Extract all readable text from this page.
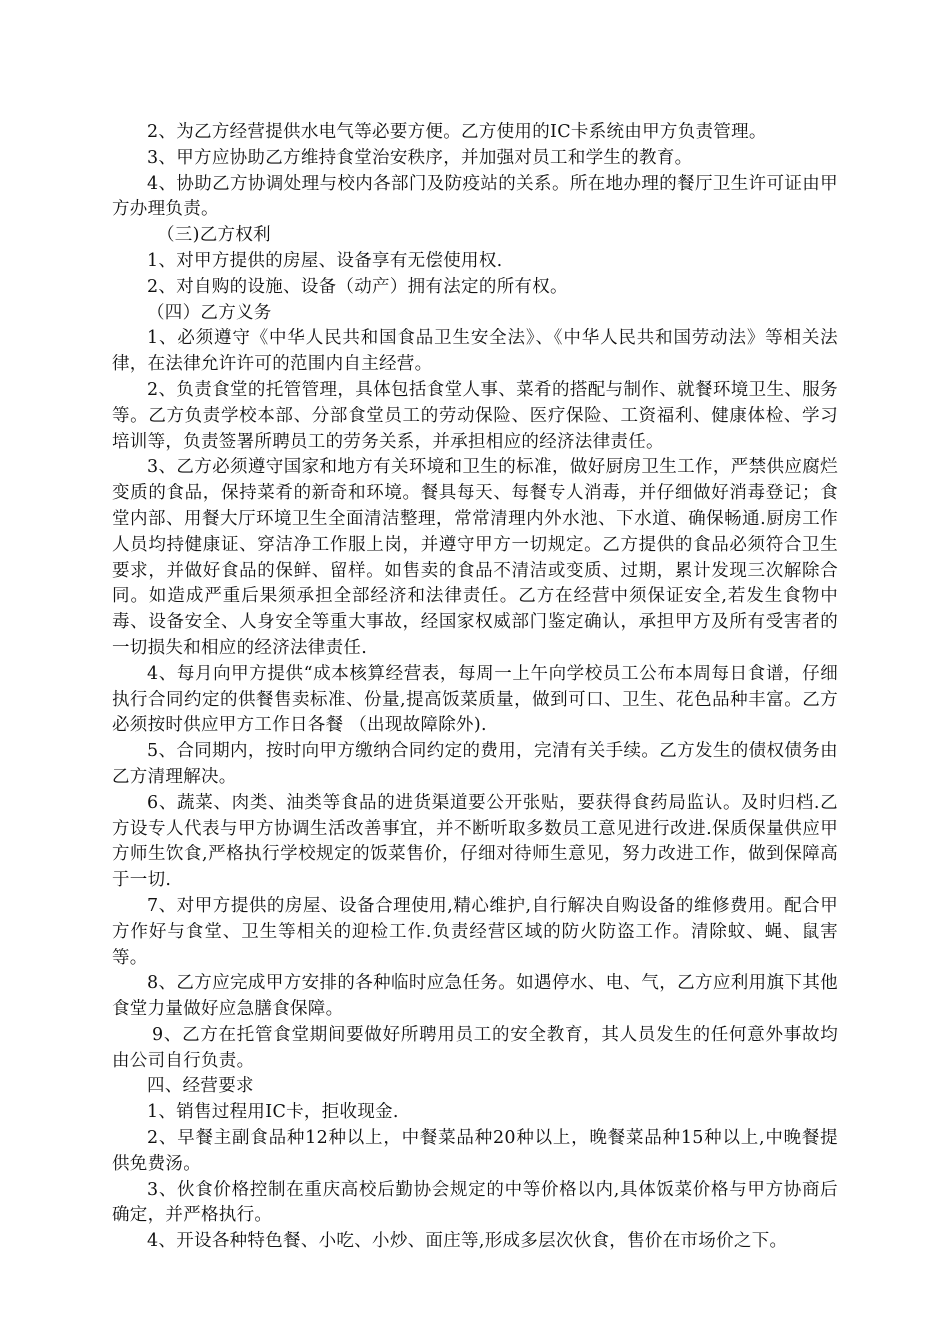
2、为乙方经营提供水电气等必要方便。乙方使用的IC卡系统由甲方负责管理。

3、甲方应协助乙方维持食堂治安秩序，并加强对员工和学生的教育。

4、协助乙方协调处理与校内各部门及防疫站的关系。所在地办理的餐厅卫生许可证由甲方办理负责。

（三)乙方权利

1、对甲方提供的房屋、设备享有无偿使用权.

2、对自购的设施、设备（动产）拥有法定的所有权。

（四）乙方义务

1、必须遵守《中华人民共和国食品卫生安全法》、《中华人民共和国劳动法》等相关法律，在法律允许许可的范围内自主经营。

2、负责食堂的托管管理，具体包括食堂人事、菜肴的搭配与制作、就餐环境卫生、服务等。乙方负责学校本部、分部食堂员工的劳动保险、医疗保险、工资福利、健康体检、学习培训等，负责签署所聘员工的劳务关系，并承担相应的经济法律责任。

3、乙方必须遵守国家和地方有关环境和卫生的标准，做好厨房卫生工作，严禁供应腐烂变质的食品，保持菜肴的新奇和环境。餐具每天、每餐专人消毒，并仔细做好消毒登记；食堂内部、用餐大厅环境卫生全面清洁整理，常常清理内外水池、下水道、确保畅通.厨房工作人员均持健康证、穿洁净工作服上岗，并遵守甲方一切规定。乙方提供的食品必须符合卫生要求，并做好食品的保鲜、留样。如售卖的食品不清洁或变质、过期，累计发现三次解除合同。如造成严重后果须承担全部经济和法律责任。乙方在经营中须保证安全,若发生食物中毒、设备安全、人身安全等重大事故，经国家权威部门鉴定确认，承担甲方及所有受害者的一切损失和相应的经济法律责任.

4、每月向甲方提供“成本核算经营表，每周一上午向学校员工公布本周每日食谱，仔细执行合同约定的供餐售卖标准、份量,提高饭菜质量，做到可口、卫生、花色品种丰富。乙方必须按时供应甲方工作日各餐 （出现故障除外).

5、合同期内，按时向甲方缴纳合同约定的费用，完清有关手续。乙方发生的债权债务由乙方清理解决。

6、蔬菜、肉类、油类等食品的进货渠道要公开张贴，要获得食药局监认。及时归档.乙方设专人代表与甲方协调生活改善事宜，并不断听取多数员工意见进行改进.保质保量供应甲方师生饮食,严格执行学校规定的饭菜售价，仔细对待师生意见，努力改进工作，做到保障高于一切.

7、对甲方提供的房屋、设备合理使用,精心维护,自行解决自购设备的维修费用。配合甲方作好与食堂、卫生等相关的迎检工作.负责经营区域的防火防盗工作。清除蚊、蝇、鼠害等。

8、乙方应完成甲方安排的各种临时应急任务。如遇停水、电、气，乙方应利用旗下其他食堂力量做好应急膳食保障。

9、乙方在托管食堂期间要做好所聘用员工的安全教育，其人员发生的任何意外事故均由公司自行负责。

四、经营要求

1、销售过程用IC卡，拒收现金.

2、早餐主副食品种12种以上，中餐菜品种20种以上，晚餐菜品种15种以上,中晚餐提供免费汤。

3、伙食价格控制在重庆高校后勤协会规定的中等价格以内,具体饭菜价格与甲方协商后确定，并严格执行。

4、开设各种特色餐、小吃、小炒、面庄等,形成多层次伙食，售价在市场价之下。
